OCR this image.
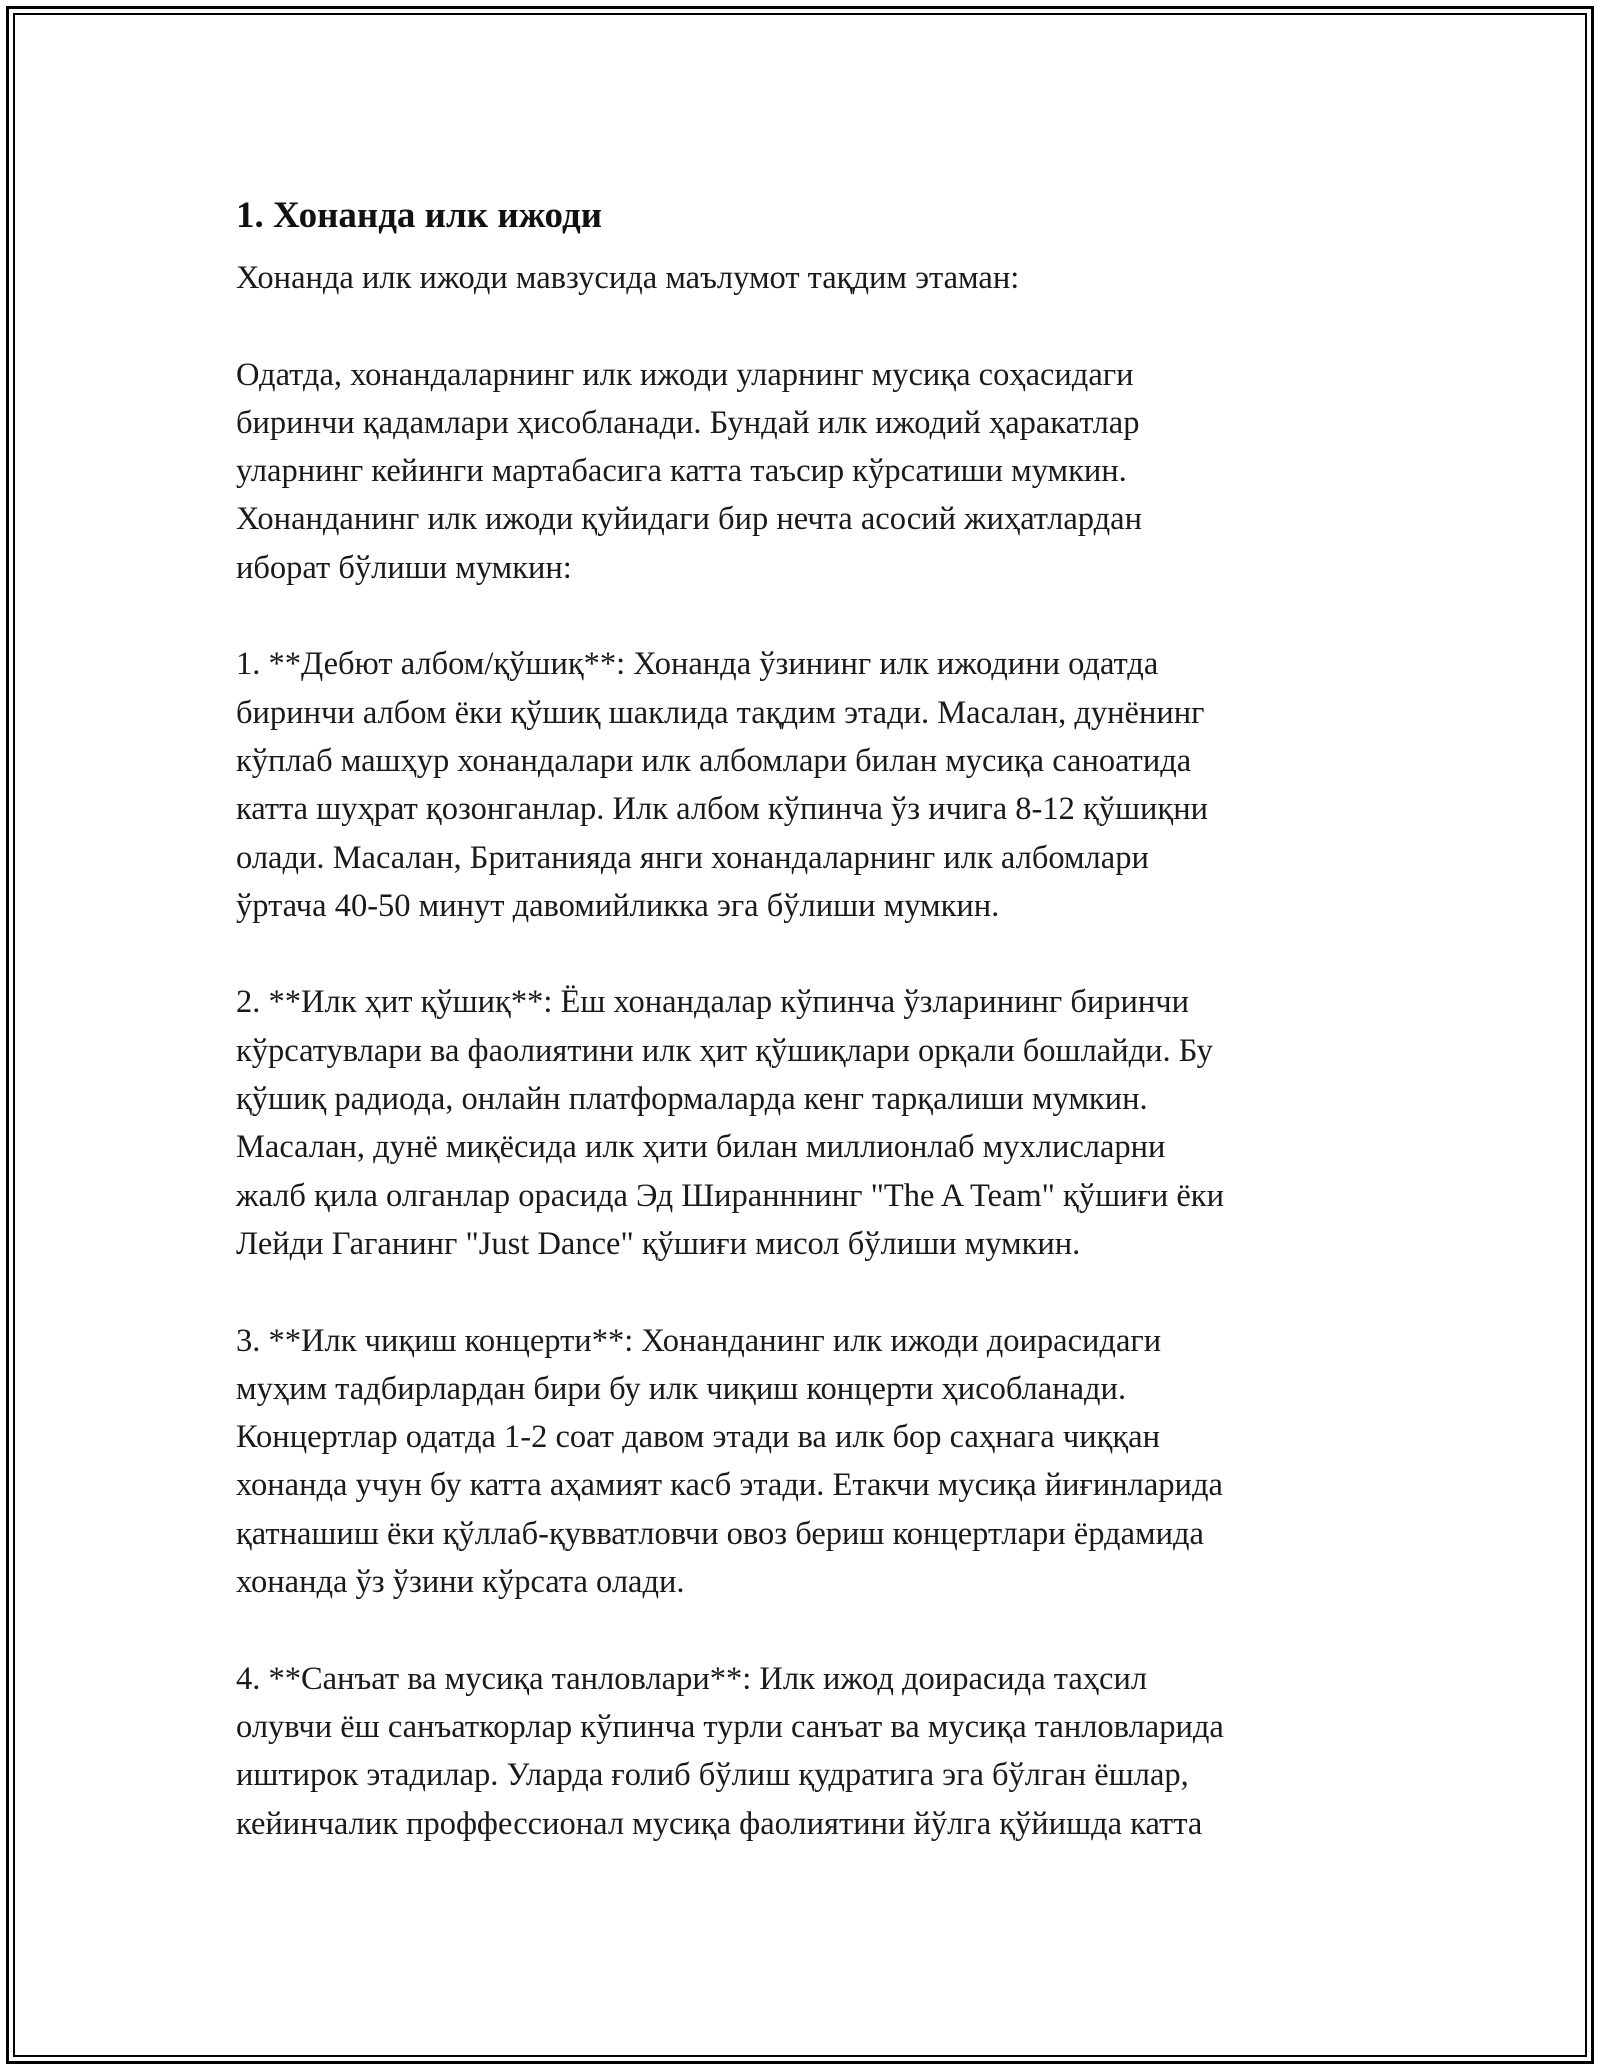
1. Хонанда илк ижоди

Хонанда илк ижоди мавзусида маълумот тақдим этаман:

Одатда, хонандаларнинг илк ижоди уларнинг мусиқа соҳасидаги
биринчи қадамлари ҳисобланади. Бундай илк ижодий ҳаракатлар
уларнинг кейинги мартабасига катта таъсир кўрсатиши мумкин.
Хонанданинг илк ижоди қуйидаги бир нечта асосий жиҳатлардан
иборат бўлиши мумкин:

1. **Дебют албом/қўшиқ**: Хонанда ўзининг илк ижодини одатда
биринчи албом ёки қўшиқ шаклида тақдим этади. Масалан, дунёнинг
кўплаб машҳур хонандалари илк албомлари билан мусиқа саноатида
катта шуҳрат қозонганлар. Илк албом кўпинча ўз ичига 8-12 қўшиқни
олади. Масалан, Британияда янги хонандаларнинг илк албомлари
ўртача 40-50 минут давомийликка эга бўлиши мумкин.

2. **Илк ҳит қўшиқ**: Ёш хонандалар кўпинча ўзларининг биринчи
кўрсатувлари ва фаолиятини илк ҳит қўшиқлари орқали бошлайди. Бу
қўшиқ радиода, онлайн платформаларда кенг тарқалиши мумкин.
Масалан, дунё миқёсида илк ҳити билан миллионлаб мухлисларни
жалб қила олганлар орасида Эд Ширанннинг "The A Team" қўшиғи ёки
Лейди Гаганинг "Just Dance" қўшиғи мисол бўлиши мумкин.

3. **Илк чиқиш концерти**: Хонанданинг илк ижоди доирасидаги
муҳим тадбирлардан бири бу илк чиқиш концерти ҳисобланади.
Концертлар одатда 1-2 соат давом этади ва илк бор саҳнага чиққан
хонанда учун бу катта аҳамият касб этади. Етакчи мусиқа йиғинларида
қатнашиш ёки қўллаб-қувватловчи овоз бериш концертлари ёрдамида
хонанда ўз ўзини кўрсата олади.

4. **Санъат ва мусиқа танловлари**: Илк ижод доирасида таҳсил
олувчи ёш санъаткорлар кўпинча турли санъат ва мусиқа танловларида
иштирок этадилар. Уларда ғолиб бўлиш қудратига эга бўлган ёшлар,
кейинчалик проффессионал мусиқа фаолиятини йўлга қўйишда катта
